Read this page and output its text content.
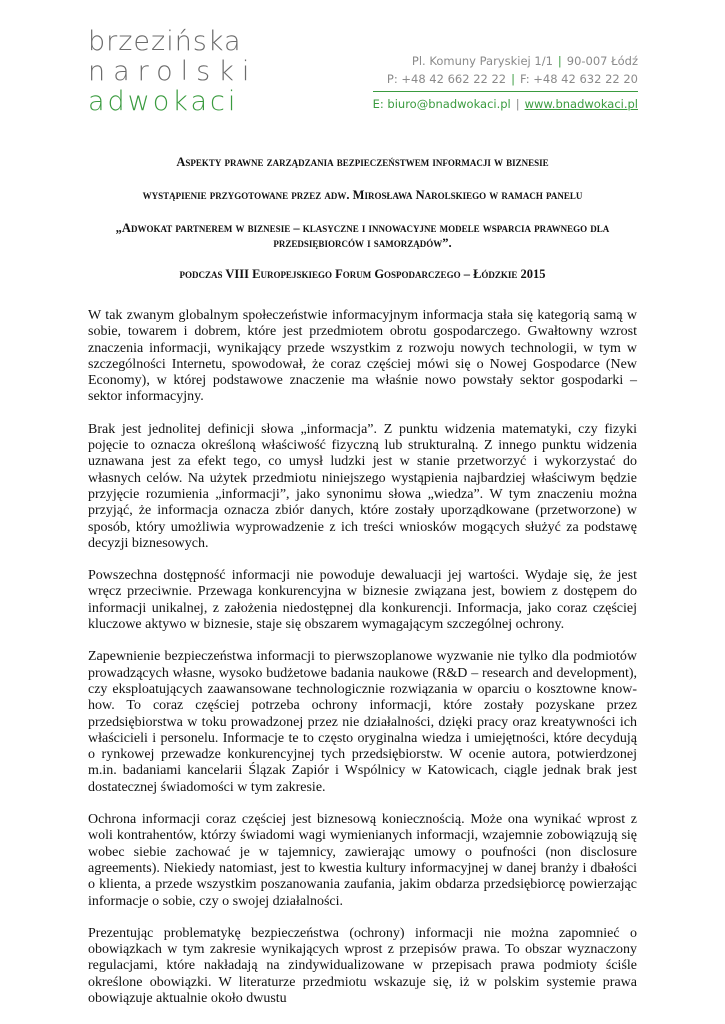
brzezińska
narolski
adwokaci
Pl. Komuny Paryskiej 1/1 | 90-007 Łódź
P: +48 42 662 22 22 | F: +48 42 632 22 20
E: biuro@bnadwokaci.pl | www.bnadwokaci.pl

Aspekty prawne zarządzania bezpieczeństwem informacji w biznesie

wystąpienie przygotowane przez adw. Mirosława Narolskiego w ramach panelu

„Adwokat partnerem w biznesie – klasyczne i innowacyjne modele wsparcia prawnego dla przedsiębiorców i samorządów”.

podczas VIII Europejskiego Forum Gospodarczego – Łódzkie 2015

W tak zwanym globalnym społeczeństwie informacyjnym informacja stała się kategorią samą w sobie, towarem i dobrem, które jest przedmiotem obrotu gospodarczego. Gwałtowny wzrost znaczenia informacji, wynikający przede wszystkim z rozwoju nowych technologii, w tym w szczególności Internetu, spowodował, że coraz częściej mówi się o Nowej Gospodarce (New Economy), w której podstawowe znaczenie ma właśnie nowo powstały sektor gospodarki – sektor informacyjny.

Brak jest jednolitej definicji słowa „informacja”. Z punktu widzenia matematyki, czy fizyki pojęcie to oznacza określoną właściwość fizyczną lub strukturalną. Z innego punktu widzenia uznawana jest za efekt tego, co umysł ludzki jest w stanie przetworzyć i wykorzystać do własnych celów. Na użytek przedmiotu niniejszego wystąpienia najbardziej właściwym będzie przyjęcie rozumienia „informacji”, jako synonimu słowa „wiedza”. W tym znaczeniu można przyjąć, że informacja oznacza zbiór danych, które zostały uporządkowane (przetworzone) w sposób, który umożliwia wyprowadzenie z ich treści wniosków mogących służyć za podstawę decyzji biznesowych.

Powszechna dostępność informacji nie powoduje dewaluacji jej wartości. Wydaje się, że jest wręcz przeciwnie. Przewaga konkurencyjna w biznesie związana jest, bowiem z dostępem do informacji unikalnej, z założenia niedostępnej dla konkurencji. Informacja, jako coraz częściej kluczowe aktywo w biznesie, staje się obszarem wymagającym szczególnej ochrony.

Zapewnienie bezpieczeństwa informacji to pierwszoplanowe wyzwanie nie tylko dla podmiotów prowadzących własne, wysoko budżetowe badania naukowe (R&D – research and development), czy eksploatujących zaawansowane technologicznie rozwiązania w oparciu o kosztowne know-how. To coraz częściej potrzeba ochrony informacji, które zostały pozyskane przez przedsiębiorstwa w toku prowadzonej przez nie działalności, dzięki pracy oraz kreatywności ich właścicieli i personelu. Informacje te to często oryginalna wiedza i umiejętności, które decydują o rynkowej przewadze konkurencyjnej tych przedsiębiorstw. W ocenie autora, potwierdzonej m.in. badaniami kancelarii Ślązak Zapiór i Wspólnicy w Katowicach, ciągle jednak brak jest dostatecznej świadomości w tym zakresie.

Ochrona informacji coraz częściej jest biznesową koniecznością. Może ona wynikać wprost z woli kontrahentów, którzy świadomi wagi wymienianych informacji, wzajemnie zobowiązują się wobec siebie zachować je w tajemnicy, zawierając umowy o poufności (non disclosure agreements). Niekiedy natomiast, jest to kwestia kultury informacyjnej w danej branży i dbałości o klienta, a przede wszystkim poszanowania zaufania, jakim obdarza przedsiębiorcę powierzając informacje o sobie, czy o swojej działalności.

Prezentując problematykę bezpieczeństwa (ochrony) informacji nie można zapomnieć o obowiązkach w tym zakresie wynikających wprost z przepisów prawa. To obszar wyznaczony regulacjami, które nakładają na zindywidualizowane w przepisach prawa podmioty ściśle określone obowiązki. W literaturze przedmiotu wskazuje się, iż w polskim systemie prawa obowiązuje aktualnie około dwustu
